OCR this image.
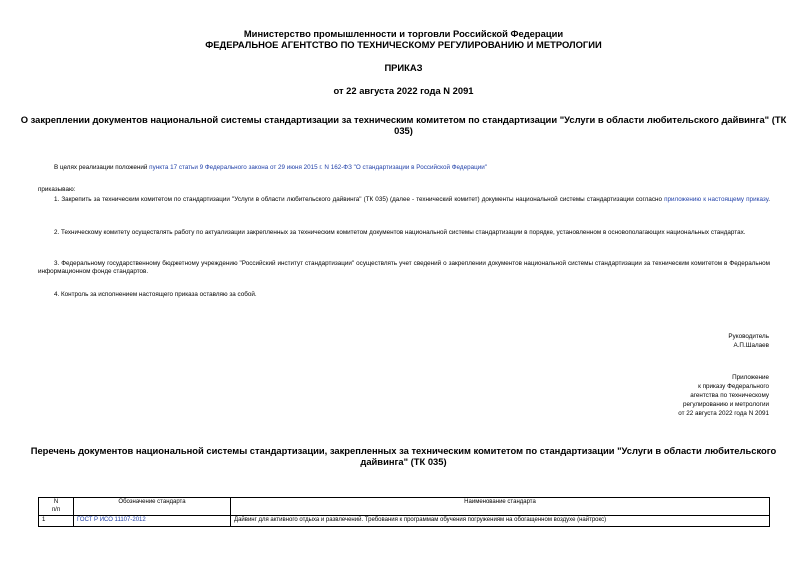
Министерство промышленности и торговли Российской Федерации
ФЕДЕРАЛЬНОЕ АГЕНТСТВО ПО ТЕХНИЧЕСКОМУ РЕГУЛИРОВАНИЮ И МЕТРОЛОГИИ
ПРИКАЗ
от 22 августа 2022 года N 2091
О закреплении документов национальной системы стандартизации за техническим комитетом по стандартизации "Услуги в области любительского дайвинга" (ТК
035)
В целях реализации положений пункта 17 статьи 9 Федерального закона от 29 июня 2015 г. N 162-ФЗ "О стандартизации в Российской Федерации"
приказываю:
1. Закрепить за техническим комитетом по стандартизации "Услуги в области любительского дайвинга" (ТК 035) (далее - технический комитет) документы национальной системы стандартизации согласно приложению к настоящему приказу.
2. Техническому комитету осуществлять работу по актуализации закрепленных за техническим комитетом документов национальной системы стандартизации в порядке, установленном в основополагающих национальных стандартах.
3. Федеральному государственному бюджетному учреждению "Российский институт стандартизации" осуществлять учет сведений о закреплении документов национальной системы стандартизации за техническим комитетом в Федеральном информационном фонде стандартов.
4. Контроль за исполнением настоящего приказа оставляю за собой.
Руководитель
А.П.Шалаев
Приложение
к приказу Федерального
агентства по техническому
регулированию и метрологии
от 22 августа 2022 года N 2091
Перечень документов национальной системы стандартизации, закрепленных за техническим комитетом по стандартизации "Услуги в области любительского
дайвинга" (ТК 035)
N
п/п	Обозначение стандарта	Наименование стандарта
1	ГОСТ Р ИСО 11107-2012	Дайвинг для активного отдыха и развлечений. Требования к программам обучения погружениям на обогащенном воздухе (найтрокс)
